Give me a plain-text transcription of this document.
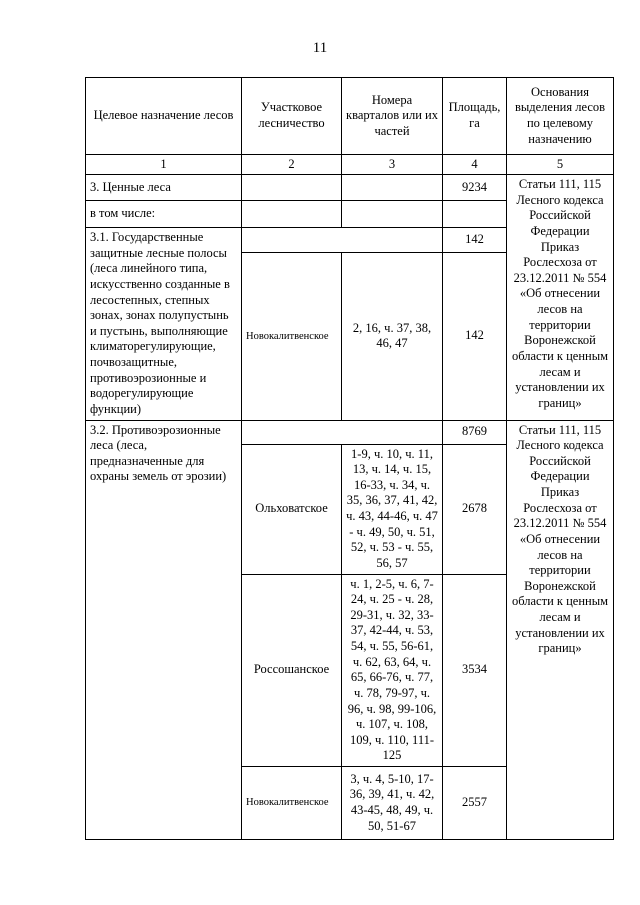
11
Целевое назначение лесов	Участковое лесничество	Номера кварталов или их частей	Площадь, га	Основания выделения лесов по целевому назначению
1	2	3	4	5
3. Ценные леса			9234	Статьи 111, 115 Лесного кодекса Российской Федерации Приказ Рослесхоза от 23.12.2011 № 554 «Об отнесении лесов на территории Воронежской области к ценным лесам и установлении их границ»
в том числе:				
3.1. Государственные защитные лесные полосы (леса линейного типа, искусственно созданные в лесостепных, степных зонах, зонах полупустынь и пустынь, выполняющие климаторегулирующие, почвозащитные, противоэрозионные и водорегулирующие функции)			142	
	Новокалитвенское	2, 16, ч. 37, 38, 46, 47	142	
3.2. Противоэрозионные леса (леса, предназначенные для охраны земель от эрозии)			8769	Статьи 111, 115 Лесного кодекса Российской Федерации Приказ Рослесхоза от 23.12.2011 № 554 «Об отнесении лесов на территории Воронежской области к ценным лесам и установлении их границ»
	Ольховатское	1-9, ч. 10, ч. 11, 13, ч. 14, ч. 15, 16-33, ч. 34, ч. 35, 36, 37, 41, 42, ч. 43, 44-46, ч. 47 - ч. 49, 50, ч. 51, 52, ч. 53 - ч. 55, 56, 57	2678	
	Россошанское	ч. 1, 2-5, ч. 6, 7-24, ч. 25 - ч. 28, 29-31, ч. 32, 33-37, 42-44, ч. 53, 54, ч. 55, 56-61, ч. 62, 63, 64, ч. 65, 66-76, ч. 77, ч. 78, 79-97, ч. 96, ч. 98, 99-106, ч. 107, ч. 108, 109, ч. 110, 111-125	3534	
	Новокалитвенское	3, ч. 4, 5-10, 17-36, 39, 41, ч. 42, 43-45, 48, 49, ч. 50, 51-67	2557	
